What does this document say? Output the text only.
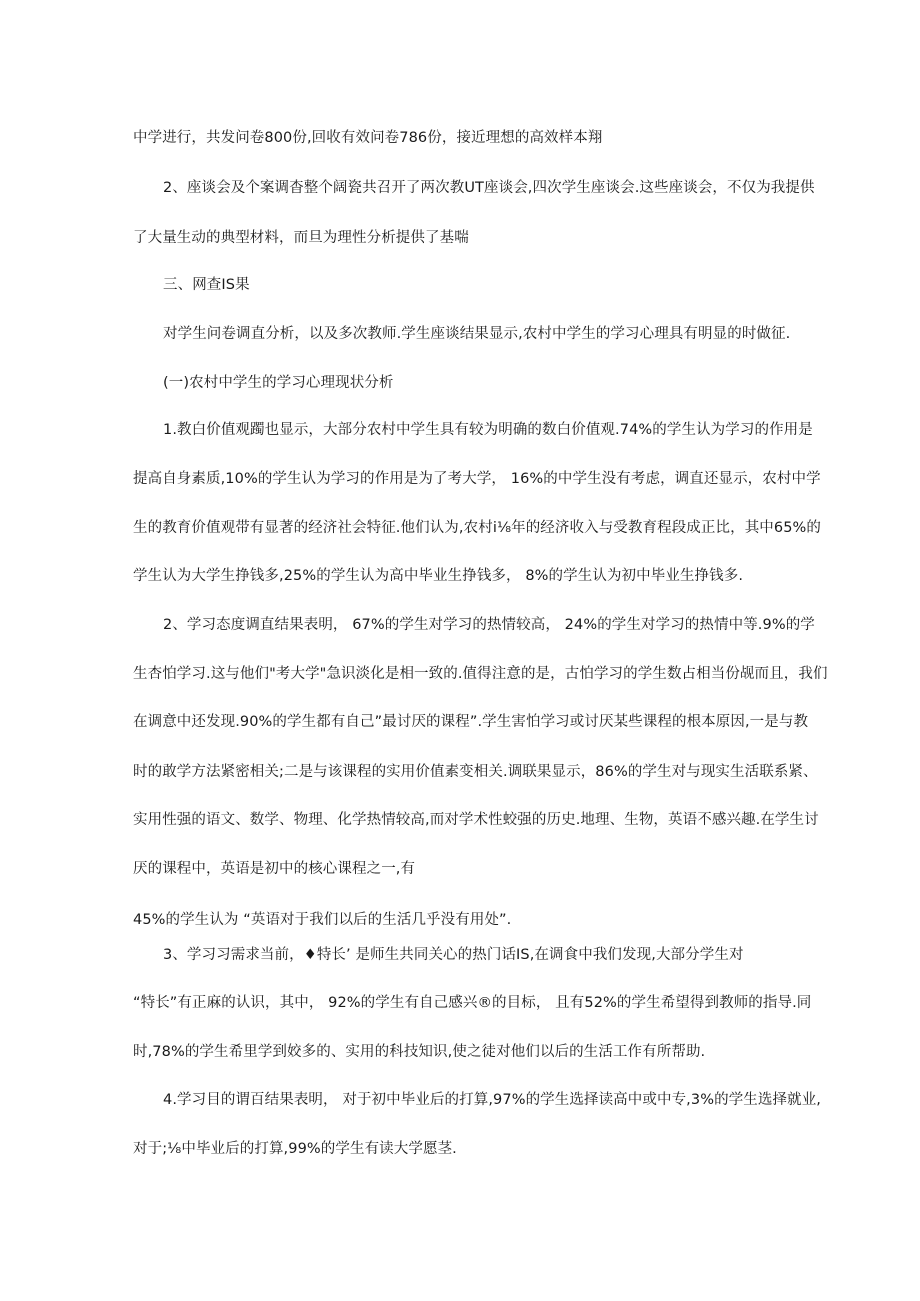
中学进行，共发问卷800份,回收有效问卷786份，接近理想的高效样本翔
2、座谈会及个案调杳整个阔瓷共召开了两次教UT座谈会,四次学生座谈会.这些座谈会，不仅为我提供
了大量生动的典型材料，而旦为理性分析提供了基喘
三、网查IS果
对学生问卷调直分析，以及多次教师.学生座谈结果显示,农村中学生的学习心理具有明显的时做征.
(一)农村中学生的学习心理现状分析
1.教白价值观躅也显示，大部分农村中学生具有较为明确的数白价值观.74%的学生认为学习的作用是
提高自身素质,10%的学生认为学习的作用是为了考大学， 16%的中学生没有考虑，调直还显示，农村中学
生的教育价值观带有显著的经济社会特征.他们认为,农村i⅛年的经济收入与受教育程段成正比，其中65%的
学生认为大学生挣钱多,25%的学生认为高中毕业生挣钱多， 8%的学生认为初中毕业生挣钱多.
2、学习态度调直结果表明， 67%的学生对学习的热情较高， 24%的学生对学习的热情中等.9%的学
生杏怕学习.这与他们"考大学"急识淡化是相一致的.值得注意的是，古怕学习的学生数占相当份觇而且，我们
在调意中还发现.90%的学生都有自己”最讨厌的课程”.学生害怕学习或讨厌某些课程的根本原因,一是与教
时的敢学方法紧密相关;二是与该课程的实用价值素变相关.调联果显示，86%的学生对与现实生活联系紧、
实用性强的语文、数学、物理、化学热情较高,而对学术性蛟强的历史.地理、生物，英语不感兴趣.在学生讨
厌的课程中，英语是初中的核心课程之一,有
45%的学生认为 “英语对于我们以后的生活几乎没有用处”.
3、学习习需求当前，♦特长’ 是师生共同关心的热门话IS,在调食中我们发现,大部分学生对
“特长”有正麻的认识，其中， 92%的学生有自己感兴®的目标， 且有52%的学生希望得到教师的指导.同
时,78%的学生希里学到姣多的、实用的科技知识,使之徒对他们以后的生活工作有所帮助.
4.学习目的谓百结果表明， 对于初中毕业后的打算,97%的学生选择读高中或中专,3%的学生选择就业,
对于;⅛中毕业后的打算,99%的学生有读大学愿茎.
